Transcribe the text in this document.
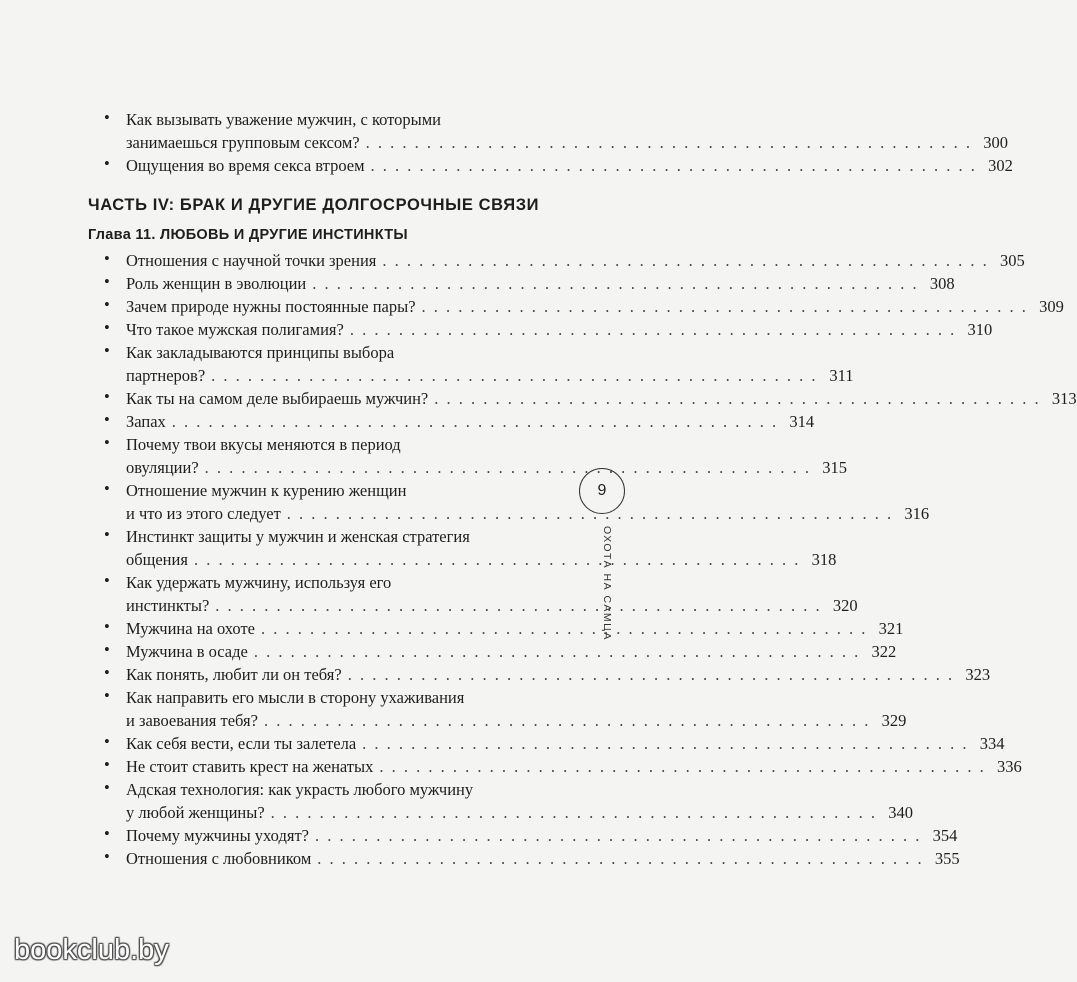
• Как вызывать уважение мужчин, с которыми
занимаешься групповым сексом? . . . . . . . . . . . . . . . . . . . . . . . . . . . . . . . . . . . . . . . . . . . . . . . . . . 300
• Ощущения во время секса втроем . . . . . . . . . . . . . . . . . . . . . . . . . . . . . . . . . . . . . . . . . . . . . . . . . . 302
ЧАСТЬ IV: БРАК И ДРУГИЕ ДОЛГОСРОЧНЫЕ СВЯЗИ
Глава 11. ЛЮБОВЬ И ДРУГИЕ ИНСТИНКТЫ
• Отношения с научной точки зрения . . . . . . . . . . . . . . . . . . . . . . . . . . . . . . . . . . . . . . . . . . . . . . . . . . 305
• Роль женщин в эволюции . . . . . . . . . . . . . . . . . . . . . . . . . . . . . . . . . . . . . . . . . . . . . . . . . . 308
• Зачем природе нужны постоянные пары? . . . . . . . . . . . . . . . . . . . . . . . . . . . . . . . . . . . . . . . . . . . . . . . . . . 309
• Что такое мужская полигамия? . . . . . . . . . . . . . . . . . . . . . . . . . . . . . . . . . . . . . . . . . . . . . . . . . . 310
• Как закладываются принципы выбора
партнеров? . . . . . . . . . . . . . . . . . . . . . . . . . . . . . . . . . . . . . . . . . . . . . . . . . . 311
• Как ты на самом деле выбираешь мужчин? . . . . . . . . . . . . . . . . . . . . . . . . . . . . . . . . . . . . . . . . . . . . . . . . . . 313
• Запах . . . . . . . . . . . . . . . . . . . . . . . . . . . . . . . . . . . . . . . . . . . . . . . . . . 314
• Почему твои вкусы меняются в период
овуляции? . . . . . . . . . . . . . . . . . . . . . . . . . . . . . . . . . . . . . . . . . . . . . . . . . . 315
• Отношение мужчин к курению женщин
и что из этого следует . . . . . . . . . . . . . . . . . . . . . . . . . . . . . . . . . . . . . . . . . . . . . . . . . . 316
• Инстинкт защиты у мужчин и женская стратегия
общения . . . . . . . . . . . . . . . . . . . . . . . . . . . . . . . . . . . . . . . . . . . . . . . . . . 318
• Как удержать мужчину, используя его
инстинкты? . . . . . . . . . . . . . . . . . . . . . . . . . . . . . . . . . . . . . . . . . . . . . . . . . . 320
• Мужчина на охоте . . . . . . . . . . . . . . . . . . . . . . . . . . . . . . . . . . . . . . . . . . . . . . . . . . 321
• Мужчина в осаде . . . . . . . . . . . . . . . . . . . . . . . . . . . . . . . . . . . . . . . . . . . . . . . . . . 322
• Как понять, любит ли он тебя? . . . . . . . . . . . . . . . . . . . . . . . . . . . . . . . . . . . . . . . . . . . . . . . . . . 323
• Как направить его мысли в сторону ухаживания
и завоевания тебя? . . . . . . . . . . . . . . . . . . . . . . . . . . . . . . . . . . . . . . . . . . . . . . . . . . 329
• Как себя вести, если ты залетела . . . . . . . . . . . . . . . . . . . . . . . . . . . . . . . . . . . . . . . . . . . . . . . . . . 334
• Не стоит ставить крест на женатых . . . . . . . . . . . . . . . . . . . . . . . . . . . . . . . . . . . . . . . . . . . . . . . . . . 336
• Адская технология: как украсть любого мужчину
у любой женщины? . . . . . . . . . . . . . . . . . . . . . . . . . . . . . . . . . . . . . . . . . . . . . . . . . . 340
• Почему мужчины уходят? . . . . . . . . . . . . . . . . . . . . . . . . . . . . . . . . . . . . . . . . . . . . . . . . . . 354
• Отношения с любовником . . . . . . . . . . . . . . . . . . . . . . . . . . . . . . . . . . . . . . . . . . . . . . . . . . 355
9
ОХОТА НА САМЦА
bookclub.by
